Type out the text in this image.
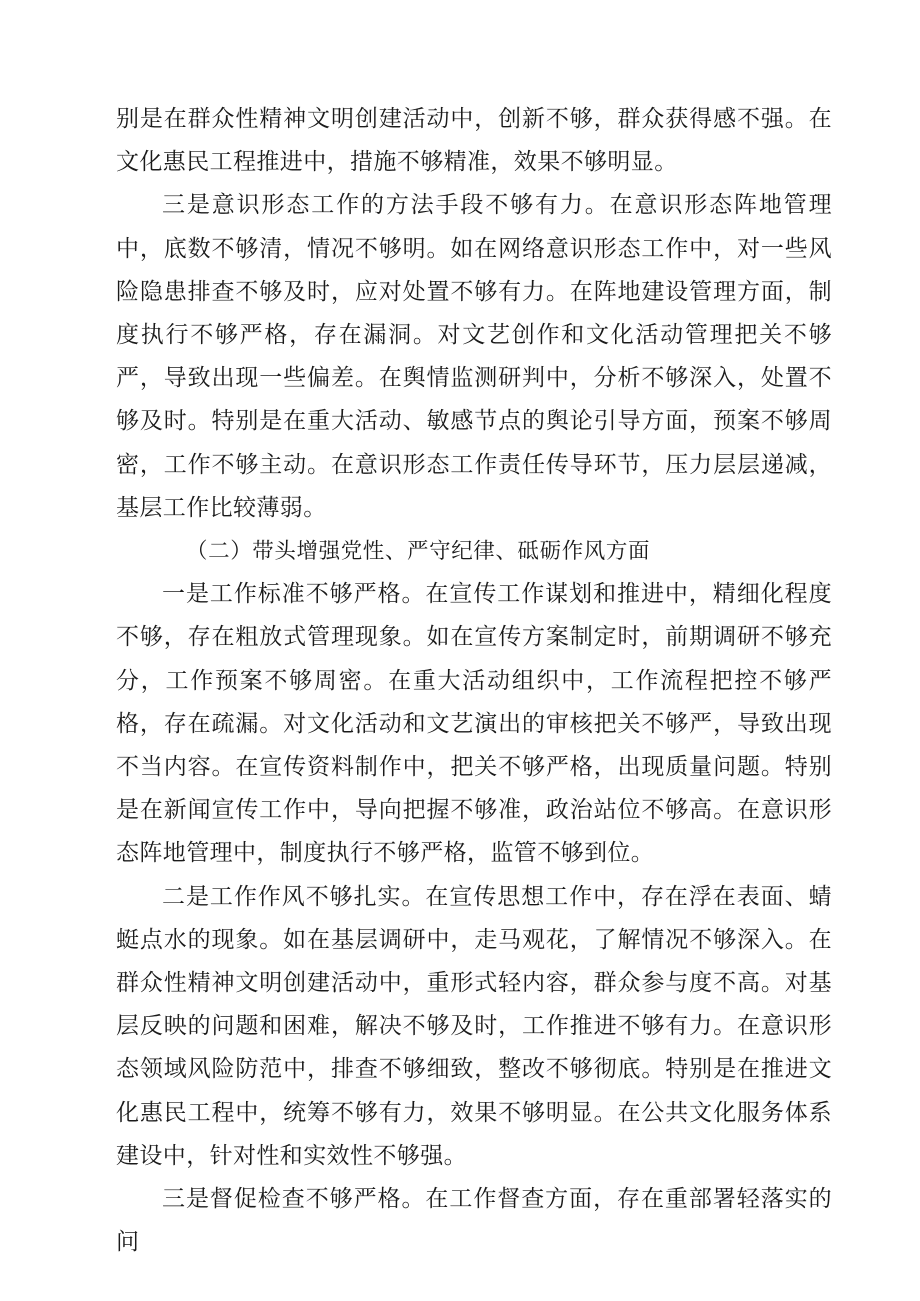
别是在群众性精神文明创建活动中，创新不够，群众获得感不强。在文化惠民工程推进中，措施不够精准，效果不够明显。

三是意识形态工作的方法手段不够有力。在意识形态阵地管理中，底数不够清，情况不够明。如在网络意识形态工作中，对一些风险隐患排查不够及时，应对处置不够有力。在阵地建设管理方面，制度执行不够严格，存在漏洞。对文艺创作和文化活动管理把关不够严，导致出现一些偏差。在舆情监测研判中，分析不够深入，处置不够及时。特别是在重大活动、敏感节点的舆论引导方面，预案不够周密，工作不够主动。在意识形态工作责任传导环节，压力层层递减，基层工作比较薄弱。

（二）带头增强党性、严守纪律、砥砺作风方面

一是工作标准不够严格。在宣传工作谋划和推进中，精细化程度不够，存在粗放式管理现象。如在宣传方案制定时，前期调研不够充分，工作预案不够周密。在重大活动组织中，工作流程把控不够严格，存在疏漏。对文化活动和文艺演出的审核把关不够严，导致出现不当内容。在宣传资料制作中，把关不够严格，出现质量问题。特别是在新闻宣传工作中，导向把握不够准，政治站位不够高。在意识形态阵地管理中，制度执行不够严格，监管不够到位。

二是工作作风不够扎实。在宣传思想工作中，存在浮在表面、蜻蜓点水的现象。如在基层调研中，走马观花，了解情况不够深入。在群众性精神文明创建活动中，重形式轻内容，群众参与度不高。对基层反映的问题和困难，解决不够及时，工作推进不够有力。在意识形态领域风险防范中，排查不够细致，整改不够彻底。特别是在推进文化惠民工程中，统筹不够有力，效果不够明显。在公共文化服务体系建设中，针对性和实效性不够强。

三是督促检查不够严格。在工作督查方面，存在重部署轻落实的问
